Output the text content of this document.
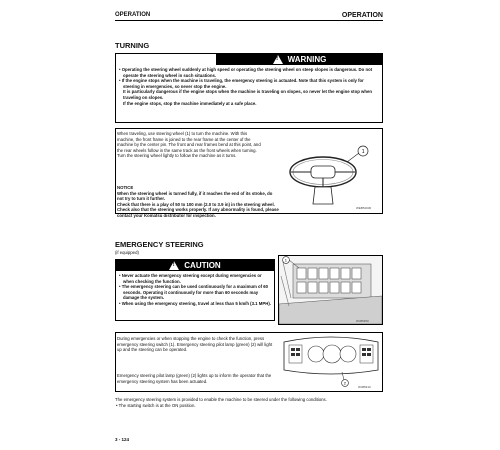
OPERATION	OPERATION
TURNING
!
WARNING

• Operating the steering wheel suddenly at high speed or operating the steering wheel on steep slopes is dangerous. Do not operate the steering wheel in such situations.

• If the engine stops when the machine is traveling, the emergency steering is actuated. Note that this system is only for steering in emergencies, so never stop the engine.

It is particularly dangerous if the engine stops when the machine is traveling on slopes, so never let the engine stop when traveling on slopes.

If the engine stops, stop the machine immediately at a safe place.

When traveling, use steering wheel (1) to turn the machine. With this machine, the front frame is joined to the rear frame at the center of the machine by the center pin. The front and rear frames bend at this point, and the rear wheels follow in the same track as the front wheels when turning. Turn the steering wheel lightly to follow the machine as it turns.

NOTICE

When the steering wheel is turned fully, if it reaches the end of its stroke, do not try to turn it further.

Check that there is a play of 50 to 100 mm (2.0 to 3.9 in) in the steering wheel. Check also that the steering works properly. If any abnormality is found, please contact your Komatsu distributor for inspection.

1
WEB51930
EMERGENCY STEERING
(if equipped)
!
CAUTION

• Never actuate the emergency steering except during emergencies or when checking the function.

• The emergency steering can be used continuously for a maximum of 60 seconds. Operating it continuously for more than 60 seconds may damage the system.

• When using the emergency steering, travel at less than 5 km/h (3.1 MPH).

1
WJ86350
During emergencies or when stopping the engine to check the function, press emergency steering switch (1). Emergency steering pilot lamp (green) (2) will light up and the steering can be operated.
Emergency steering pilot lamp (green) (2) lights up to inform the operator that the emergency steering system has been actuated.	2
WJ86310

The emergency steering system is provided to enable the machine to be steered under the following conditions.

• The starting switch is at the ON position.

3 - 124
